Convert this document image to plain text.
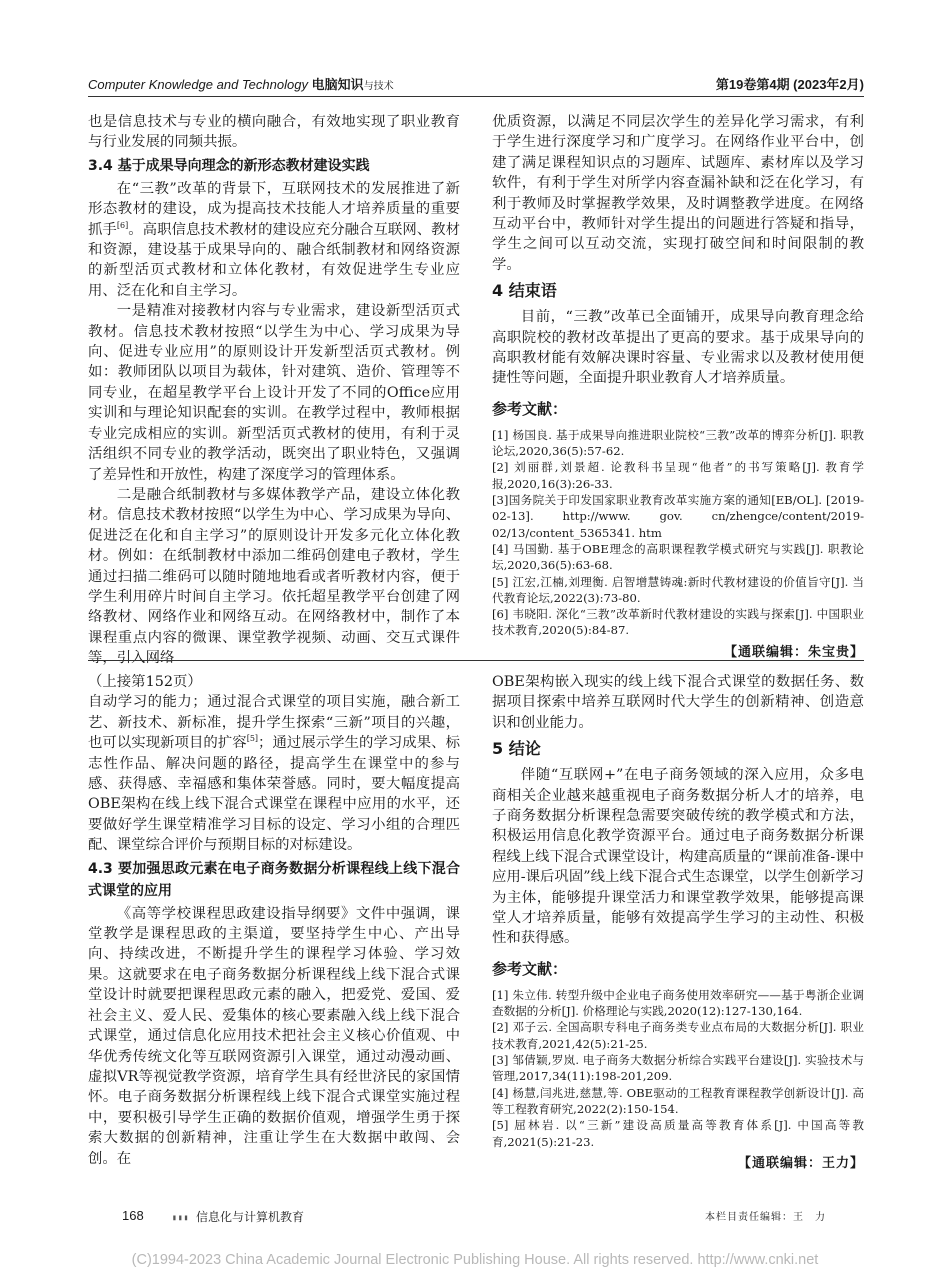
Computer Knowledge and Technology 电脑知识与技术	第19卷第4期 (2023年2月)

也是信息技术与专业的横向融合，有效地实现了职业教育与行业发展的同频共振。

3.4 基于成果导向理念的新形态教材建设实践

在“三教”改革的背景下，互联网技术的发展推进了新形态教材的建设，成为提高技术技能人才培养质量的重要抓手[6]。高职信息技术教材的建设应充分融合互联网、教材和资源，建设基于成果导向的、融合纸制教材和网络资源的新型活页式教材和立体化教材，有效促进学生专业应用、泛在化和自主学习。

一是精准对接教材内容与专业需求，建设新型活页式教材。信息技术教材按照“以学生为中心、学习成果为导向、促进专业应用”的原则设计开发新型活页式教材。例如：教师团队以项目为载体，针对建筑、造价、管理等不同专业，在超星教学平台上设计开发了不同的Office应用实训和与理论知识配套的实训。在教学过程中，教师根据专业完成相应的实训。新型活页式教材的使用，有利于灵活组织不同专业的教学活动，既突出了职业特色，又强调了差异性和开放性，构建了深度学习的管理体系。

二是融合纸制教材与多媒体教学产品，建设立体化教材。信息技术教材按照“以学生为中心、学习成果为导向、促进泛在化和自主学习”的原则设计开发多元化立体化教材。例如：在纸制教材中添加二维码创建电子教材，学生通过扫描二维码可以随时随地地看或者听教材内容，便于学生利用碎片时间自主学习。依托超星教学平台创建了网络教材、网络作业和网络互动。在网络教材中，制作了本课程重点内容的微课、课堂教学视频、动画、交互式课件等，引入网络

优质资源，以满足不同层次学生的差异化学习需求，有利于学生进行深度学习和广度学习。在网络作业平台中，创建了满足课程知识点的习题库、试题库、素材库以及学习软件，有利于学生对所学内容查漏补缺和泛在化学习，有利于教师及时掌握教学效果，及时调整教学进度。在网络互动平台中，教师针对学生提出的问题进行答疑和指导，学生之间可以互动交流，实现打破空间和时间限制的教学。

4 结束语

目前，“三教”改革已全面铺开，成果导向教育理念给高职院校的教材改革提出了更高的要求。基于成果导向的高职教材能有效解决课时容量、专业需求以及教材使用便捷性等问题，全面提升职业教育人才培养质量。

参考文献：
[1] 杨国良. 基于成果导向推进职业院校“三教”改革的博弈分析[J]. 职教论坛,2020,36(5):57-62.
[2] 刘丽群,刘景超. 论教科书呈现“他者”的书写策略[J]. 教育学报,2020,16(3):26-33.
[3]国务院关于印发国家职业教育改革实施方案的通知[EB/OL]. [2019-02-13]. http://www. gov. cn/zhengce/content/2019-02/13/content_5365341. htm
[4] 马国勤. 基于OBE理念的高职课程教学模式研究与实践[J]. 职教论坛,2020,36(5):63-68.
[5] 江宏,江楠,刘理衡. 启智增慧铸魂:新时代教材建设的价值旨守[J]. 当代教育论坛,2022(3):73-80.
[6] 韦晓阳. 深化“三教”改革新时代教材建设的实践与探索[J]. 中国职业技术教育,2020(5):84-87.
【通联编辑：朱宝贵】

（上接第152页）

自动学习的能力；通过混合式课堂的项目实施，融合新工艺、新技术、新标准，提升学生探索“三新”项目的兴趣，也可以实现新项目的扩容[5]；通过展示学生的学习成果、标志性作品、解决问题的路径，提高学生在课堂中的参与感、获得感、幸福感和集体荣誉感。同时，要大幅度提高OBE架构在线上线下混合式课堂在课程中应用的水平，还要做好学生课堂精准学习目标的设定、学习小组的合理匹配、课堂综合评价与预期目标的对标建设。

4.3 要加强思政元素在电子商务数据分析课程线上线下混合式课堂的应用

《高等学校课程思政建设指导纲要》文件中强调，课堂教学是课程思政的主渠道，要坚持学生中心、产出导向、持续改进，不断提升学生的课程学习体验、学习效果。这就要求在电子商务数据分析课程线上线下混合式课堂设计时就要把课程思政元素的融入，把爱党、爱国、爱社会主义、爱人民、爱集体的核心要素融入线上线下混合式课堂，通过信息化应用技术把社会主义核心价值观、中华优秀传统文化等互联网资源引入课堂，通过动漫动画、虚拟VR等视觉教学资源，培育学生具有经世济民的家国情怀。电子商务数据分析课程线上线下混合式课堂实施过程中，要积极引导学生正确的数据价值观，增强学生勇于探索大数据的创新精神，注重让学生在大数据中敢闯、会创。在

OBE架构嵌入现实的线上线下混合式课堂的数据任务、数据项目探索中培养互联网时代大学生的创新精神、创造意识和创业能力。

5 结论

伴随“互联网+”在电子商务领域的深入应用，众多电商相关企业越来越重视电子商务数据分析人才的培养，电子商务数据分析课程急需要突破传统的教学模式和方法，积极运用信息化教学资源平台。通过电子商务数据分析课程线上线下混合式课堂设计，构建高质量的“课前准备-课中应用-课后巩固”线上线下混合式生态课堂，以学生创新学习为主体，能够提升课堂活力和课堂教学效果，能够提高课堂人才培养质量，能够有效提高学生学习的主动性、积极性和获得感。

参考文献：
[1] 朱立伟. 转型升级中企业电子商务使用效率研究——基于粤浙企业调查数据的分析[J]. 价格理论与实践,2020(12):127-130,164.
[2] 邓子云. 全国高职专科电子商务类专业点布局的大数据分析[J]. 职业技术教育,2021,42(5):21-25.
[3] 邹倩颖,罗岚. 电子商务大数据分析综合实践平台建设[J]. 实验技术与管理,2017,34(11):198-201,209.
[4] 杨慧,闫兆进,慈慧,等. OBE驱动的工程教育课程教学创新设计[J]. 高等工程教育研究,2022(2):150-154.
[5] 屈林岩. 以“三新”建设高质量高等教育体系[J]. 中国高等教育,2021(5):21-23.
【通联编辑：王力】
168	▮▮▮ 信息化与计算机教育	本栏目责任编辑：王　力
(C)1994-2023 China Academic Journal Electronic Publishing House. All rights reserved. http://www.cnki.net
